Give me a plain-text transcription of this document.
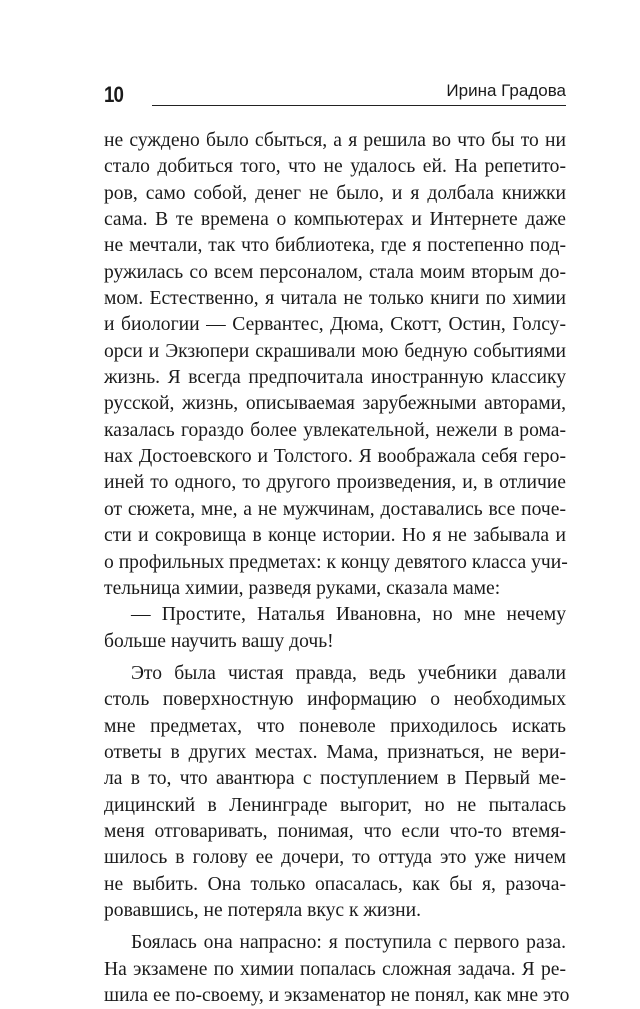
10	Ирина Градова
не суждено было сбыться, а я решила во что бы то ни
стало добиться того, что не удалось ей. На репетито-
ров, само собой, денег не было, и я долбала книжки
сама. В те времена о компьютерах и Интернете даже
не мечтали, так что библиотека, где я постепенно под-
ружилась со всем персоналом, стала моим вторым до-
мом. Естественно, я читала не только книги по химии
и биологии — Сервантес, Дюма, Скотт, Остин, Голсу-
орси и Экзюпери скрашивали мою бедную событиями
жизнь. Я всегда предпочитала иностранную классику
русской, жизнь, описываемая зарубежными авторами,
казалась гораздо более увлекательной, нежели в рома-
нах Достоевского и Толстого. Я воображала себя геро-
иней то одного, то другого произведения, и, в отличие
от сюжета, мне, а не мужчинам, доставались все поче-
сти и сокровища в конце истории. Но я не забывала и
о профильных предметах: к концу девятого класса учи-
тельница химии, разведя руками, сказала маме:
— Простите, Наталья Ивановна, но мне нечему
больше научить вашу дочь!
Это была чистая правда, ведь учебники давали
столь поверхностную информацию о необходимых
мне предметах, что поневоле приходилось искать
ответы в других местах. Мама, признаться, не вери-
ла в то, что авантюра с поступлением в Первый ме-
дицинский в Ленинграде выгорит, но не пыталась
меня отговаривать, понимая, что если что-то втемя-
шилось в голову ее дочери, то оттуда это уже ничем
не выбить. Она только опасалась, как бы я, разоча-
ровавшись, не потеряла вкус к жизни.
Боялась она напрасно: я поступила с первого раза.
На экзамене по химии попалась сложная задача. Я ре-
шила ее по-своему, и экзаменатор не понял, как мне это
